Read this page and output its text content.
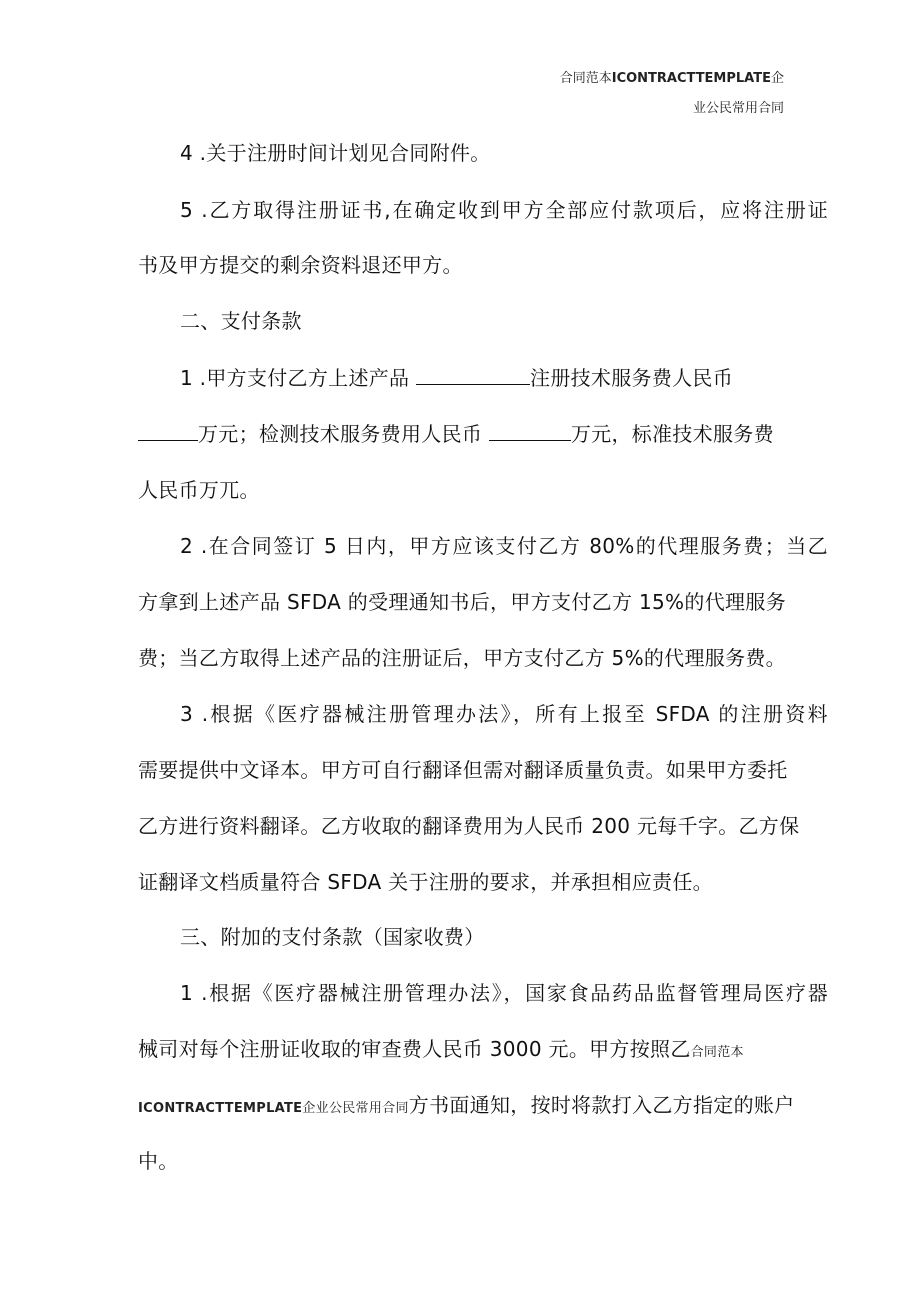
合同范本ICONTRACTTEMPLATE企
业公民常用合同
4 .关于注册时间计划见合同附件。
5 .乙方取得注册证书,在确定收到甲方全部应付款项后，应将注册证
书及甲方提交的剩余资料退还甲方。
二、支付条款
1 .甲方支付乙方上述产品	注册技术服务费人民币
万元；检测技术服务费用人民币	万元，标准技术服务费
人民币万兀。
2 .在合同签订 5 日内，甲方应该支付乙方 80%的代理服务费；当乙
方拿到上述产品 SFDA 的受理通知书后，甲方支付乙方 15%的代理服务
费；当乙方取得上述产品的注册证后，甲方支付乙方 5%的代理服务费。
3 .根据《医疗器械注册管理办法》，所有上报至 SFDA 的注册资料
需要提供中文译本。甲方可自行翻译但需对翻译质量负责。如果甲方委托
乙方进行资料翻译。乙方收取的翻译费用为人民币 200 元每千字。乙方保
证翻译文档质量符合 SFDA 关于注册的要求，并承担相应责任。
三、附加的支付条款（国家收费）
1 .根据《医疗器械注册管理办法》，国家食品药品监督管理局医疗器
械司对每个注册证收取的审查费人民币 3000 元。甲方按照乙合同范本
ICONTRACTTEMPLATE企业公民常用合同方书面通知，按时将款打入乙方指定的账户
中。
